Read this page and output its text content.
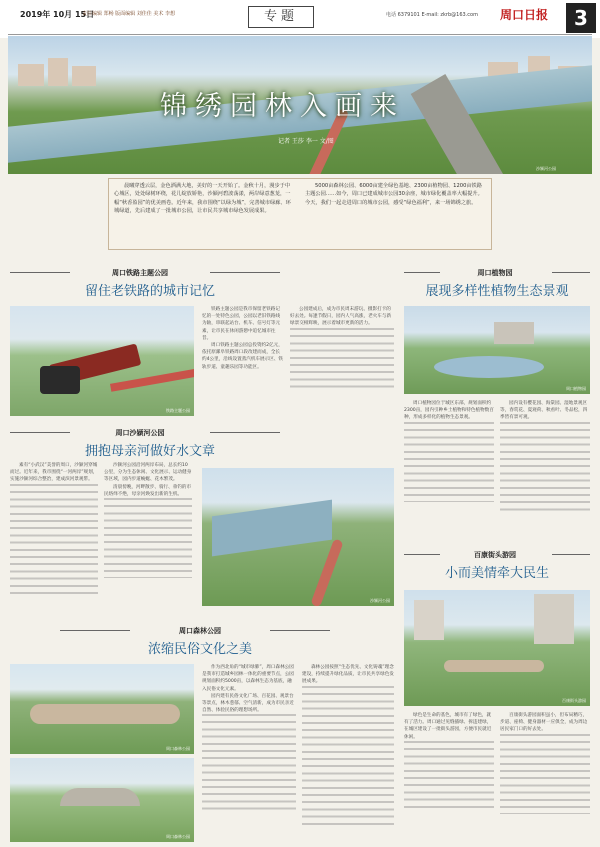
2019年 10月 15日
责任编辑 郑畅 版面编辑 刘佳佳 美术 李想	专题	电话 6379101 E-mail: zkrb@163.com 周口日报	3
锦绣园林入画来
记者 王莎 李一 文/图
沙颍河公园

晨曦穿透云层，金色洒满大地，美好的一天开始了。金秋十月，漫步于中心城区，处处绿树环绕，花儿绽放娇艳，沙颍河碧波荡漾，两岸绿意葱茏，一幅“秋香盈园”的优美画卷。近年来，我市围绕“以绿为城”，完善城市绿廊、环城绿道，先后建成了一批城市公园，让市民共享城市绿色发展成果。

5000亩森林公园、6000亩建全绿色基地、2300亩植物园、1200亩铁路主题公园……如今，周口已建成城市公园30余座，城市绿化覆盖率大幅提升。今天，我们一起走进周口的城市公园，感受“绿色福利”，来一场锦绣之旅。

周口铁路主题公园
留住老铁路的城市记忆
铁路主题公园

铁路主题公园是我市保留老铁路记忆的一处特色公园，公园以老旧铁路线为轴，串联起站台、机车、信号灯等元素，让市民在休闲游憩中追忆城市往昔。

周口铁路主题公园总投资约2亿元，依托原漯阜铁路周口段改建而成，全长约4公里，沿线设置蒸汽机车展示区、铁轨步道、童趣乐园等功能区。

公园建成后，成为市民周末游玩、摄影打卡的好去处。每逢节假日，园内人气高涨，老火车与新绿景交相辉映，展示着城市更新的活力。

周口沙颍河公园
拥抱母亲河做好水文章

素有“小武汉”美誉的周口，沙颍河穿城而过。近年来，我市围绕“一河两岸”规划，实施沙颍河综合整治，建成滨河景观带。

沙颍河公园沿河两岸布局，总长约10公里，分为生态休闲、文化展示、运动健身等区域，园内步道蜿蜒、花木繁茂。

清晨傍晚，河畔散步、骑行、垂钓的市民络绎不绝，母亲河焕发出新的生机。

沙颍河公园
周口森林公园
浓缩民俗文化之美
周口森林公园
周口森林公园

作为西北角的“城市绿肺”，周口森林公园是我市打造城乡园林一体化的重要节点，公园规划面积约5000亩，以森林生态为基底，融入民俗文化元素。

园内建有民俗文化广场、百花园、观景台等景点，林木葱郁、空气清新，成为市民亲近自然、体验民俗的理想场所。

森林公园按照“生态优先、文化铸魂”理念建设，持续提升绿化品质，让市民共享绿色发展成果。

周口植物园
展现多样性植物生态景观
周口植物园

周口植物园位于城区东部，规划面积约2300亩，园内引种乡土植物和特色植物数百种，形成多样化的植物生态景观。

园内设有樱花园、海棠园、湿地景观区等，春赏花、夏观荷、秋看叶、冬品松，四季皆有景可观。

百康街头游园
小而美情牵大民生
百康街头游园

绿色是生命的基色，城市有了绿色，就有了活力。周口通过见缝插绿、拆违建绿，在城区建设了一批街头游园，方便市民就近休闲。

百康街头游园面积虽小，但布局精巧，步道、座椅、健身器材一应俱全，成为周边居民家门口的好去处。
